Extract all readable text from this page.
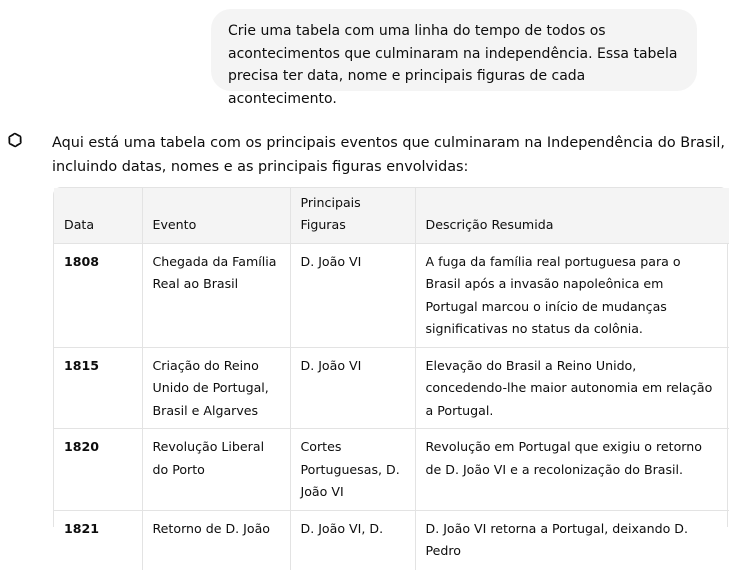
Crie uma tabela com uma linha do tempo de todos os acontecimentos que culminaram na independência. Essa tabela precisa ter data, nome e principais figuras de cada acontecimento.
Aqui está uma tabela com os principais eventos que culminaram na Independência do Brasil, incluindo datas, nomes e as principais figuras envolvidas:
Data	Evento	Principais Figuras	Descrição Resumida
1808	Chegada da Família Real ao Brasil	D. João VI	A fuga da família real portuguesa para o Brasil após a invasão napoleônica em Portugal marcou o início de mudanças significativas no status da colônia.
1815	Criação do Reino Unido de Portugal, Brasil e Algarves	D. João VI	Elevação do Brasil a Reino Unido, concedendo-lhe maior autonomia em relação a Portugal.
1820	Revolução Liberal do Porto	Cortes Portuguesas, D. João VI	Revolução em Portugal que exigiu o retorno de D. João VI e a recolonização do Brasil.
1821	Retorno de D. João	D. João VI, D.	D. João VI retorna a Portugal, deixando D. Pedro
